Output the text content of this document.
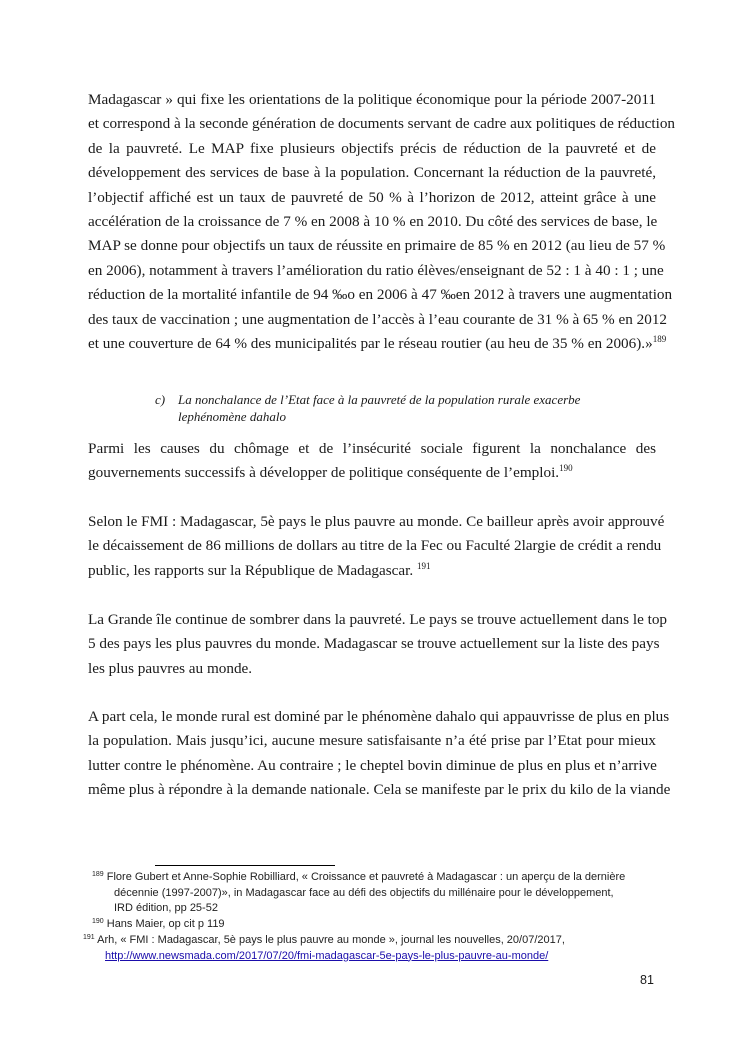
Madagascar » qui fixe les orientations de la politique économique pour la période 2007-2011
et correspond à la seconde génération de documents servant de cadre aux politiques de réduction
de la pauvreté. Le MAP fixe plusieurs objectifs précis de réduction de la pauvreté et de
développement des services de base à la population. Concernant la réduction de la pauvreté,
l’objectif affiché est un taux de pauvreté de 50 % à l’horizon de 2012, atteint grâce à une
accélération de la croissance de 7 % en 2008 à 10 % en 2010. Du côté des services de base, le
MAP se donne pour objectifs un taux de réussite en primaire de 85 % en 2012 (au lieu de 57 %
en 2006), notamment à travers l’amélioration du ratio élèves/enseignant de 52 : 1 à 40 : 1 ; une
réduction de la mortalité infantile de 94 ‰o en 2006 à 47 ‰en 2012 à travers une augmentation
des taux de vaccination ; une augmentation de l’accès à l’eau courante de 31 % à 65 % en 2012
et une couverture de 64 % des municipalités par le réseau routier (au heu de 35 % en 2006).»$^{189}$
c) La nonchalance de l’Etat face à la pauvreté de la population rurale exacerbe
lephénomène dahalo
Parmi les causes du chômage et de l’insécurité sociale figurent la nonchalance des
gouvernements successifs à développer de politique conséquente de l’emploi.$^{190}$
Selon le FMI : Madagascar, 5è pays le plus pauvre au monde. Ce bailleur après avoir approuvé
le décaissement de 86 millions de dollars au titre de la Fec ou Faculté 2largie de crédit a rendu
public, les rapports sur la République de Madagascar. $^{191}$
La Grande île continue de sombrer dans la pauvreté. Le pays se trouve actuellement dans le top
5 des pays les plus pauvres du monde. Madagascar se trouve actuellement sur la liste des pays
les plus pauvres au monde.
A part cela, le monde rural est dominé par le phénomène dahalo qui appauvrisse de plus en plus
la population. Mais jusqu’ici, aucune mesure satisfaisante n’a été prise par l’Etat pour mieux
lutter contre le phénomène. Au contraire ; le cheptel bovin diminue de plus en plus et n’arrive
même plus à répondre à la demande nationale. Cela se manifeste par le prix du kilo de la viande
$^{189}$ Flore Gubert et Anne-Sophie Robilliard, « Croissance et pauvreté à Madagascar : un aperçu de la dernière
décennie (1997-2007)», in Madagascar face au défi des objectifs du millénaire pour le développement,
IRD édition, pp 25-52
$^{190}$ Hans Maier, op cit p 119
$^{191}$ Arh, « FMI : Madagascar, 5è pays le plus pauvre au monde », journal les nouvelles, 20/07/2017,
http://www.newsmada.com/2017/07/20/fmi-madagascar-5e-pays-le-plus-pauvre-au-monde/
81
